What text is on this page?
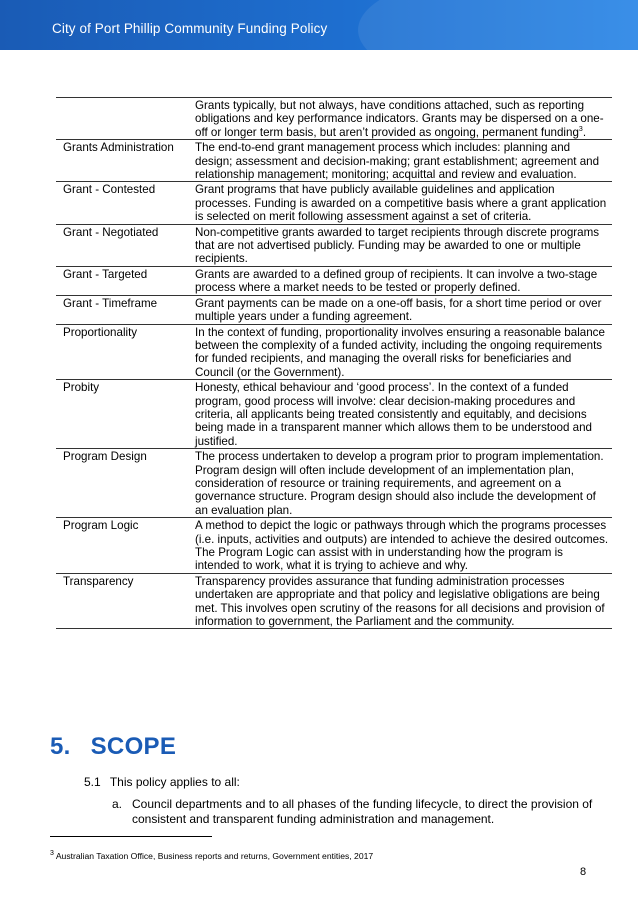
City of Port Phillip Community Funding Policy

	Grants typically, but not always, have conditions attached, such as reporting obligations and key performance indicators. Grants may be dispersed on a one-off or longer term basis, but aren’t provided as ongoing, permanent funding$^3$.

Grants Administration	The end-to-end grant management process which includes: planning and design; assessment and decision-making; grant establishment; agreement and relationship management; monitoring; acquittal and review and evaluation.

Grant - Contested	Grant programs that have publicly available guidelines and application processes. Funding is awarded on a competitive basis where a grant application is selected on merit following assessment against a set of criteria.

Grant - Negotiated	Non-competitive grants awarded to target recipients through discrete programs that are not advertised publicly. Funding may be awarded to one or multiple recipients.

Grant - Targeted	Grants are awarded to a defined group of recipients. It can involve a two-stage process where a market needs to be tested or properly defined.

Grant - Timeframe	Grant payments can be made on a one-off basis, for a short time period or over multiple years under a funding agreement.

Proportionality	In the context of funding, proportionality involves ensuring a reasonable balance between the complexity of a funded activity, including the ongoing requirements for funded recipients, and managing the overall risks for beneficiaries and Council (or the Government).

Probity	Honesty, ethical behaviour and ‘good process’. In the context of a funded program, good process will involve: clear decision-making procedures and criteria, all applicants being treated consistently and equitably, and decisions being made in a transparent manner which allows them to be understood and justified.

Program Design	The process undertaken to develop a program prior to program implementation.
Program design will often include development of an implementation plan, consideration of resource or training requirements, and agreement on a governance structure. Program design should also include the development of an evaluation plan.

Program Logic	A method to depict the logic or pathways through which the programs processes (i.e. inputs, activities and outputs) are intended to achieve the desired outcomes. The Program Logic can assist with in understanding how the program is intended to work, what it is trying to achieve and why.

Transparency	Transparency provides assurance that funding administration processes undertaken are appropriate and that policy and legislative obligations are being met. This involves open scrutiny of the reasons for all decisions and provision of information to government, the Parliament and the community.
5. SCOPE
5.1 This policy applies to all:
a. Council departments and to all phases of the funding lifecycle, to direct the provision of consistent and transparent funding administration and management.
$^3$ Australian Taxation Office, Business reports and returns, Government entities, 2017
8
